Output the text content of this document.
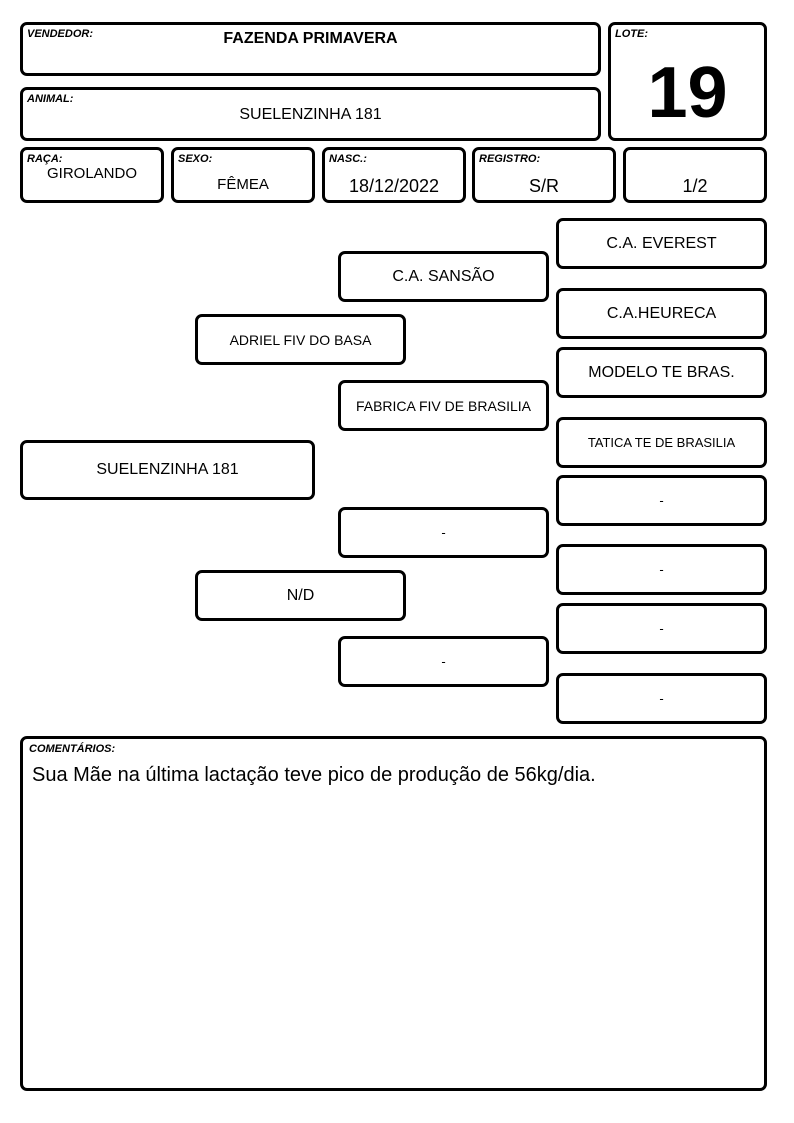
VENDEDOR:	FAZENDA PRIMAVERA
ANIMAL:
SUELENZINHA 181
LOTE:
19
RAÇA:
GIROLANDO
SEXO:
FÊMEA
NASC.:
18/12/2022
REGISTRO:
S/R	1/2
SUELENZINHA 181
ADRIEL FIV DO BASA
N/D
C.A. SANSÃO
FABRICA FIV DE BRASILIA
-
-
C.A. EVEREST
C.A.HEURECA
MODELO TE BRAS.
TATICA TE DE BRASILIA
-
-
-
-
COMENTÁRIOS:
Sua Mãe na última lactação teve pico de produção de 56kg/dia.
